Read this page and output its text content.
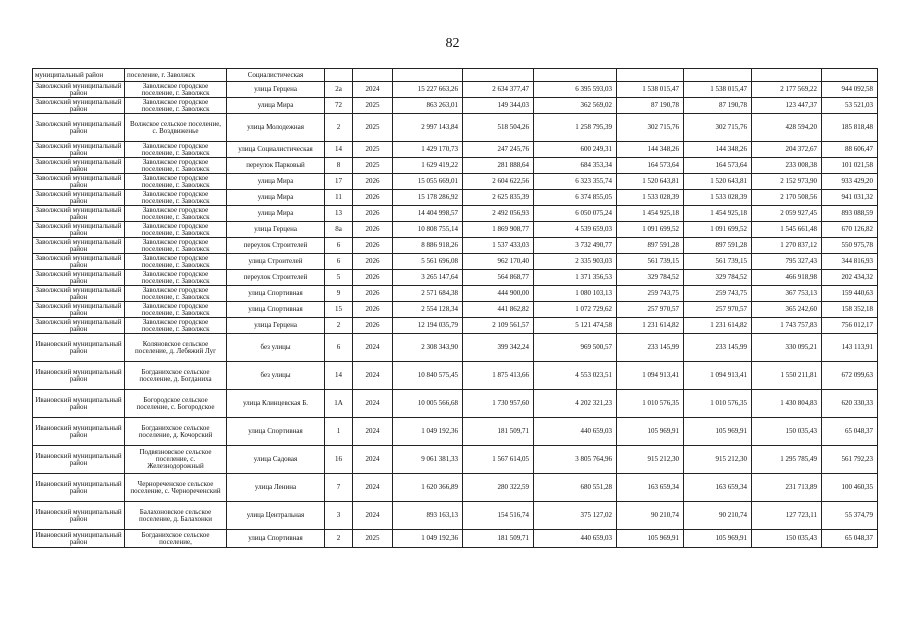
82
муниципальный район	поселение, г. Заволжск	Социалистическая									
Заволжский муниципальный район	Заволжское городское поселение, г. Заволжск	улица Герцена	2а	2024	15 227 663,26	2 634 377,47	6 395 593,03	1 538 015,47	1 538 015,47	2 177 569,22	944 092,58
Заволжский муниципальный район	Заволжское городское поселение, г. Заволжск	улица Мира	72	2025	863 263,01	149 344,03	362 569,02	87 190,78	87 190,78	123 447,37	53 521,03
Заволжский муниципальный район	Волжское сельское поселение, с. Воздвиженье	улица Молодежная	2	2025	2 997 143,84	518 504,26	1 258 795,39	302 715,76	302 715,76	428 594,20	185 818,48
Заволжский муниципальный район	Заволжское городское поселение, г. Заволжск	улица Социалистическая	14	2025	1 429 170,73	247 245,76	600 249,31	144 348,26	144 348,26	204 372,67	88 606,47
Заволжский муниципальный район	Заволжское городское поселение, г. Заволжск	переулок Парковый	8	2025	1 629 419,22	281 888,64	684 353,34	164 573,64	164 573,64	233 008,38	101 021,58
Заволжский муниципальный район	Заволжское городское поселение, г. Заволжск	улица Мира	17	2026	15 055 669,01	2 604 622,56	6 323 355,74	1 520 643,81	1 520 643,81	2 152 973,90	933 429,20
Заволжский муниципальный район	Заволжское городское поселение, г. Заволжск	улица Мира	11	2026	15 178 286,92	2 625 835,39	6 374 855,05	1 533 028,39	1 533 028,39	2 170 508,56	941 031,32
Заволжский муниципальный район	Заволжское городское поселение, г. Заволжск	улица Мира	13	2026	14 404 998,57	2 492 056,93	6 050 075,24	1 454 925,18	1 454 925,18	2 059 927,45	893 088,59
Заволжский муниципальный район	Заволжское городское поселение, г. Заволжск	улица Герцена	8а	2026	10 808 755,14	1 869 908,77	4 539 659,03	1 091 699,52	1 091 699,52	1 545 661,48	670 126,82
Заволжский муниципальный район	Заволжское городское поселение, г. Заволжск	переулок Строителей	6	2026	8 886 918,26	1 537 433,03	3 732 490,77	897 591,28	897 591,28	1 270 837,12	550 975,78
Заволжский муниципальный район	Заволжское городское поселение, г. Заволжск	улица Строителей	6	2026	5 561 696,08	962 170,40	2 335 903,03	561 739,15	561 739,15	795 327,43	344 816,93
Заволжский муниципальный район	Заволжское городское поселение, г. Заволжск	переулок Строителей	5	2026	3 265 147,64	564 868,77	1 371 356,53	329 784,52	329 784,52	466 918,98	202 434,32
Заволжский муниципальный район	Заволжское городское поселение, г. Заволжск	улица Спортивная	9	2026	2 571 684,38	444 900,00	1 080 103,13	259 743,75	259 743,75	367 753,13	159 440,63
Заволжский муниципальный район	Заволжское городское поселение, г. Заволжск	улица Спортивная	15	2026	2 554 128,34	441 862,82	1 072 729,62	257 970,57	257 970,57	365 242,60	158 352,18
Заволжский муниципальный район	Заволжское городское поселение, г. Заволжск	улица Герцена	2	2026	12 194 035,79	2 109 561,57	5 121 474,58	1 231 614,82	1 231 614,82	1 743 757,83	756 012,17
Ивановский муниципальный район	Коляновское сельское поселение, д. Лебяжий Луг	без улицы	6	2024	2 308 343,90	399 342,24	969 500,57	233 145,99	233 145,99	330 095,21	143 113,91
Ивановский муниципальный район	Богданихское сельское поселение, д. Богданиха	без улицы	14	2024	10 840 575,45	1 875 413,66	4 553 023,51	1 094 913,41	1 094 913,41	1 550 211,81	672 099,63
Ивановский муниципальный район	Богородское сельское поселение, с. Богородское	улица Клинцевская Б.	1А	2024	10 005 566,68	1 730 957,60	4 202 321,23	1 010 576,35	1 010 576,35	1 430 804,83	620 330,33
Ивановский муниципальный район	Богданихское сельское поселение, д. Кочорский	улица Спортивная	1	2024	1 049 192,36	181 509,71	440 659,03	105 969,91	105 969,91	150 035,43	65 048,37
Ивановский муниципальный район	Подвязновское сельское поселение, с. Железнодорожный	улица Садовая	16	2024	9 061 381,33	1 567 614,05	3 805 764,96	915 212,30	915 212,30	1 295 785,49	561 792,23
Ивановский муниципальный район	Чернореченское сельское поселение, с. Чернореченский	улица Ленина	7	2024	1 620 366,89	280 322,59	680 551,28	163 659,34	163 659,34	231 713,89	100 460,35
Ивановский муниципальный район	Балахоновское сельское поселение, д. Балахонки	улица Центральная	3	2024	893 163,13	154 516,74	375 127,02	90 210,74	90 210,74	127 723,11	55 374,79
Ивановский муниципальный район	Богданихское сельское поселение,	улица Спортивная	2	2025	1 049 192,36	181 509,71	440 659,03	105 969,91	105 969,91	150 035,43	65 048,37
